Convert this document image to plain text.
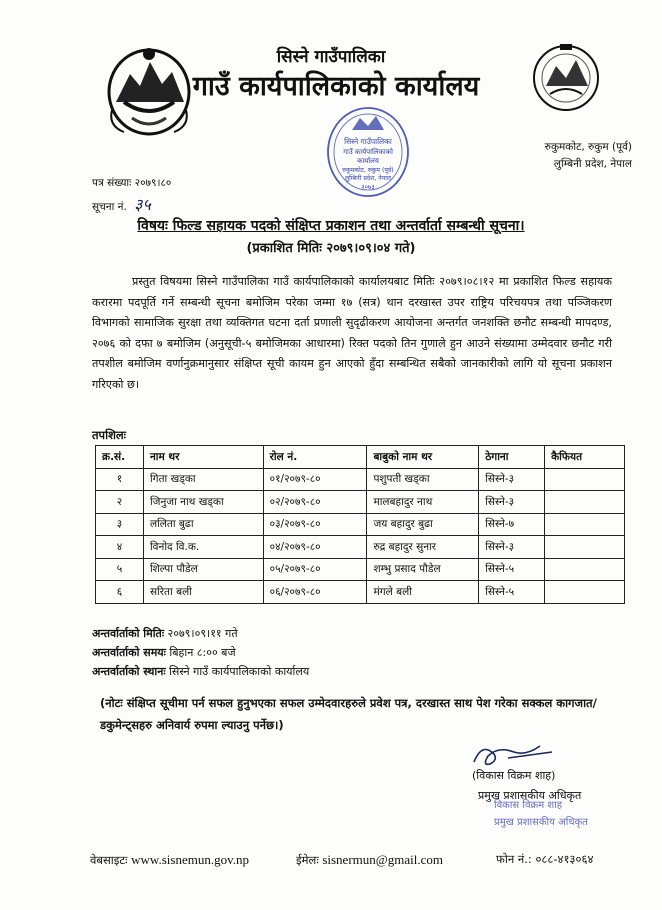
सिस्ने गाउँपालिका
गाउँ कार्यपालिकाको कार्यालय
रुकुमकोट, रुकुम (पूर्व)
लुम्बिनी प्रदेश, नेपाल
सिस्ने गाउँपालिका
गाउँ कार्यपालिकाको
कार्यालय
रुकुमकोट, रुकुम (पूर्व)
लुम्बिनी प्रदेश, नेपाल
२०७३
पत्र संख्याः २०७९।८०
सूचना नं. ३५
विषयः फिल्ड सहायक पदको संक्षिप्त प्रकाशन तथा अन्तर्वार्ता सम्बन्धी सूचना।
(प्रकाशित मितिः २०७९।०९।०४ गते)

प्रस्तुत विषयमा सिस्ने गाउँपालिका गाउँ कार्यपालिकाको कार्यालयबाट मितिः २०७९।०८।१२ मा प्रकाशित फिल्ड सहायक करारमा पदपूर्ति गर्ने सम्बन्धी सूचना बमोजिम परेका जम्मा १७ (सत्र) थान दरखास्त उपर राष्ट्रिय परिचयपत्र तथा पञ्जिकरण विभागको सामाजिक सुरक्षा तथा व्यक्तिगत घटना दर्ता प्रणाली सुदृढीकरण आयोजना अन्तर्गत जनशक्ति छनौट सम्बन्धी मापदण्ड, २०७६ को दफा ७ बमोजिम (अनुसूची-५ बमोजिमका आधारमा) रिक्त पदको तिन गुणाले हुन आउने संख्यामा उम्मेदवार छनौट गरी तपशील बमोजिम वर्णानुक्रमानुसार संक्षिप्त सूची कायम हुन आएको हुँदा सम्बन्धित सबैको जानकारीको लागि यो सूचना प्रकाशन गरिएको छ।

तपशिलः
क्र.सं.	नाम थर	रोल नं.	बाबुको नाम थर	ठेगाना	कैफियत
१	गिता खड्का	०१/२०७९-८०	पशुपती खड्का	सिस्ने-३	
२	जिनुजा नाथ खड्का	०२/२०७९-८०	मालबहादुर नाथ	सिस्ने-३	
३	ललिता बुढा	०३/२०७९-८०	जय बहादुर बुढा	सिस्ने-७	
४	विनोद वि.क.	०४/२०७९-८०	रुद्र बहादुर सुनार	सिस्ने-३	
५	शिल्पा पौडेल	०५/२०७९-८०	शम्भु प्रसाद पौडेल	सिस्ने-५	
६	सरिता बली	०६/२०७९-८०	मंगले बली	सिस्ने-५	
अन्तर्वार्ताको मितिः २०७९।०९।११ गते
अन्तर्वार्ताको समयः बिहान ८:०० बजे
अन्तर्वार्ताको स्थानः सिस्ने गाउँ कार्यपालिकाको कार्यालय

(नोटः संक्षिप्त सूचीमा पर्न सफल हुनुभएका सफल उम्मेदवारहरुले प्रवेश पत्र, दरखास्त साथ पेश गरेका सक्कल कागजात/ डकुमेन्ट्सहरु अनिवार्य रुपमा ल्याउनु पर्नेछ।)

(विकास विक्रम शाह)
प्रमुख प्रशासकीय अधिकृत
विकास विक्रम शाह
प्रमुख प्रशासकीय अधिकृत
वेबसाइटः www.sisnemun.gov.np	ईमेलः sisnermun@gmail.com	फोन नं.: ०८८-४१३०६४
